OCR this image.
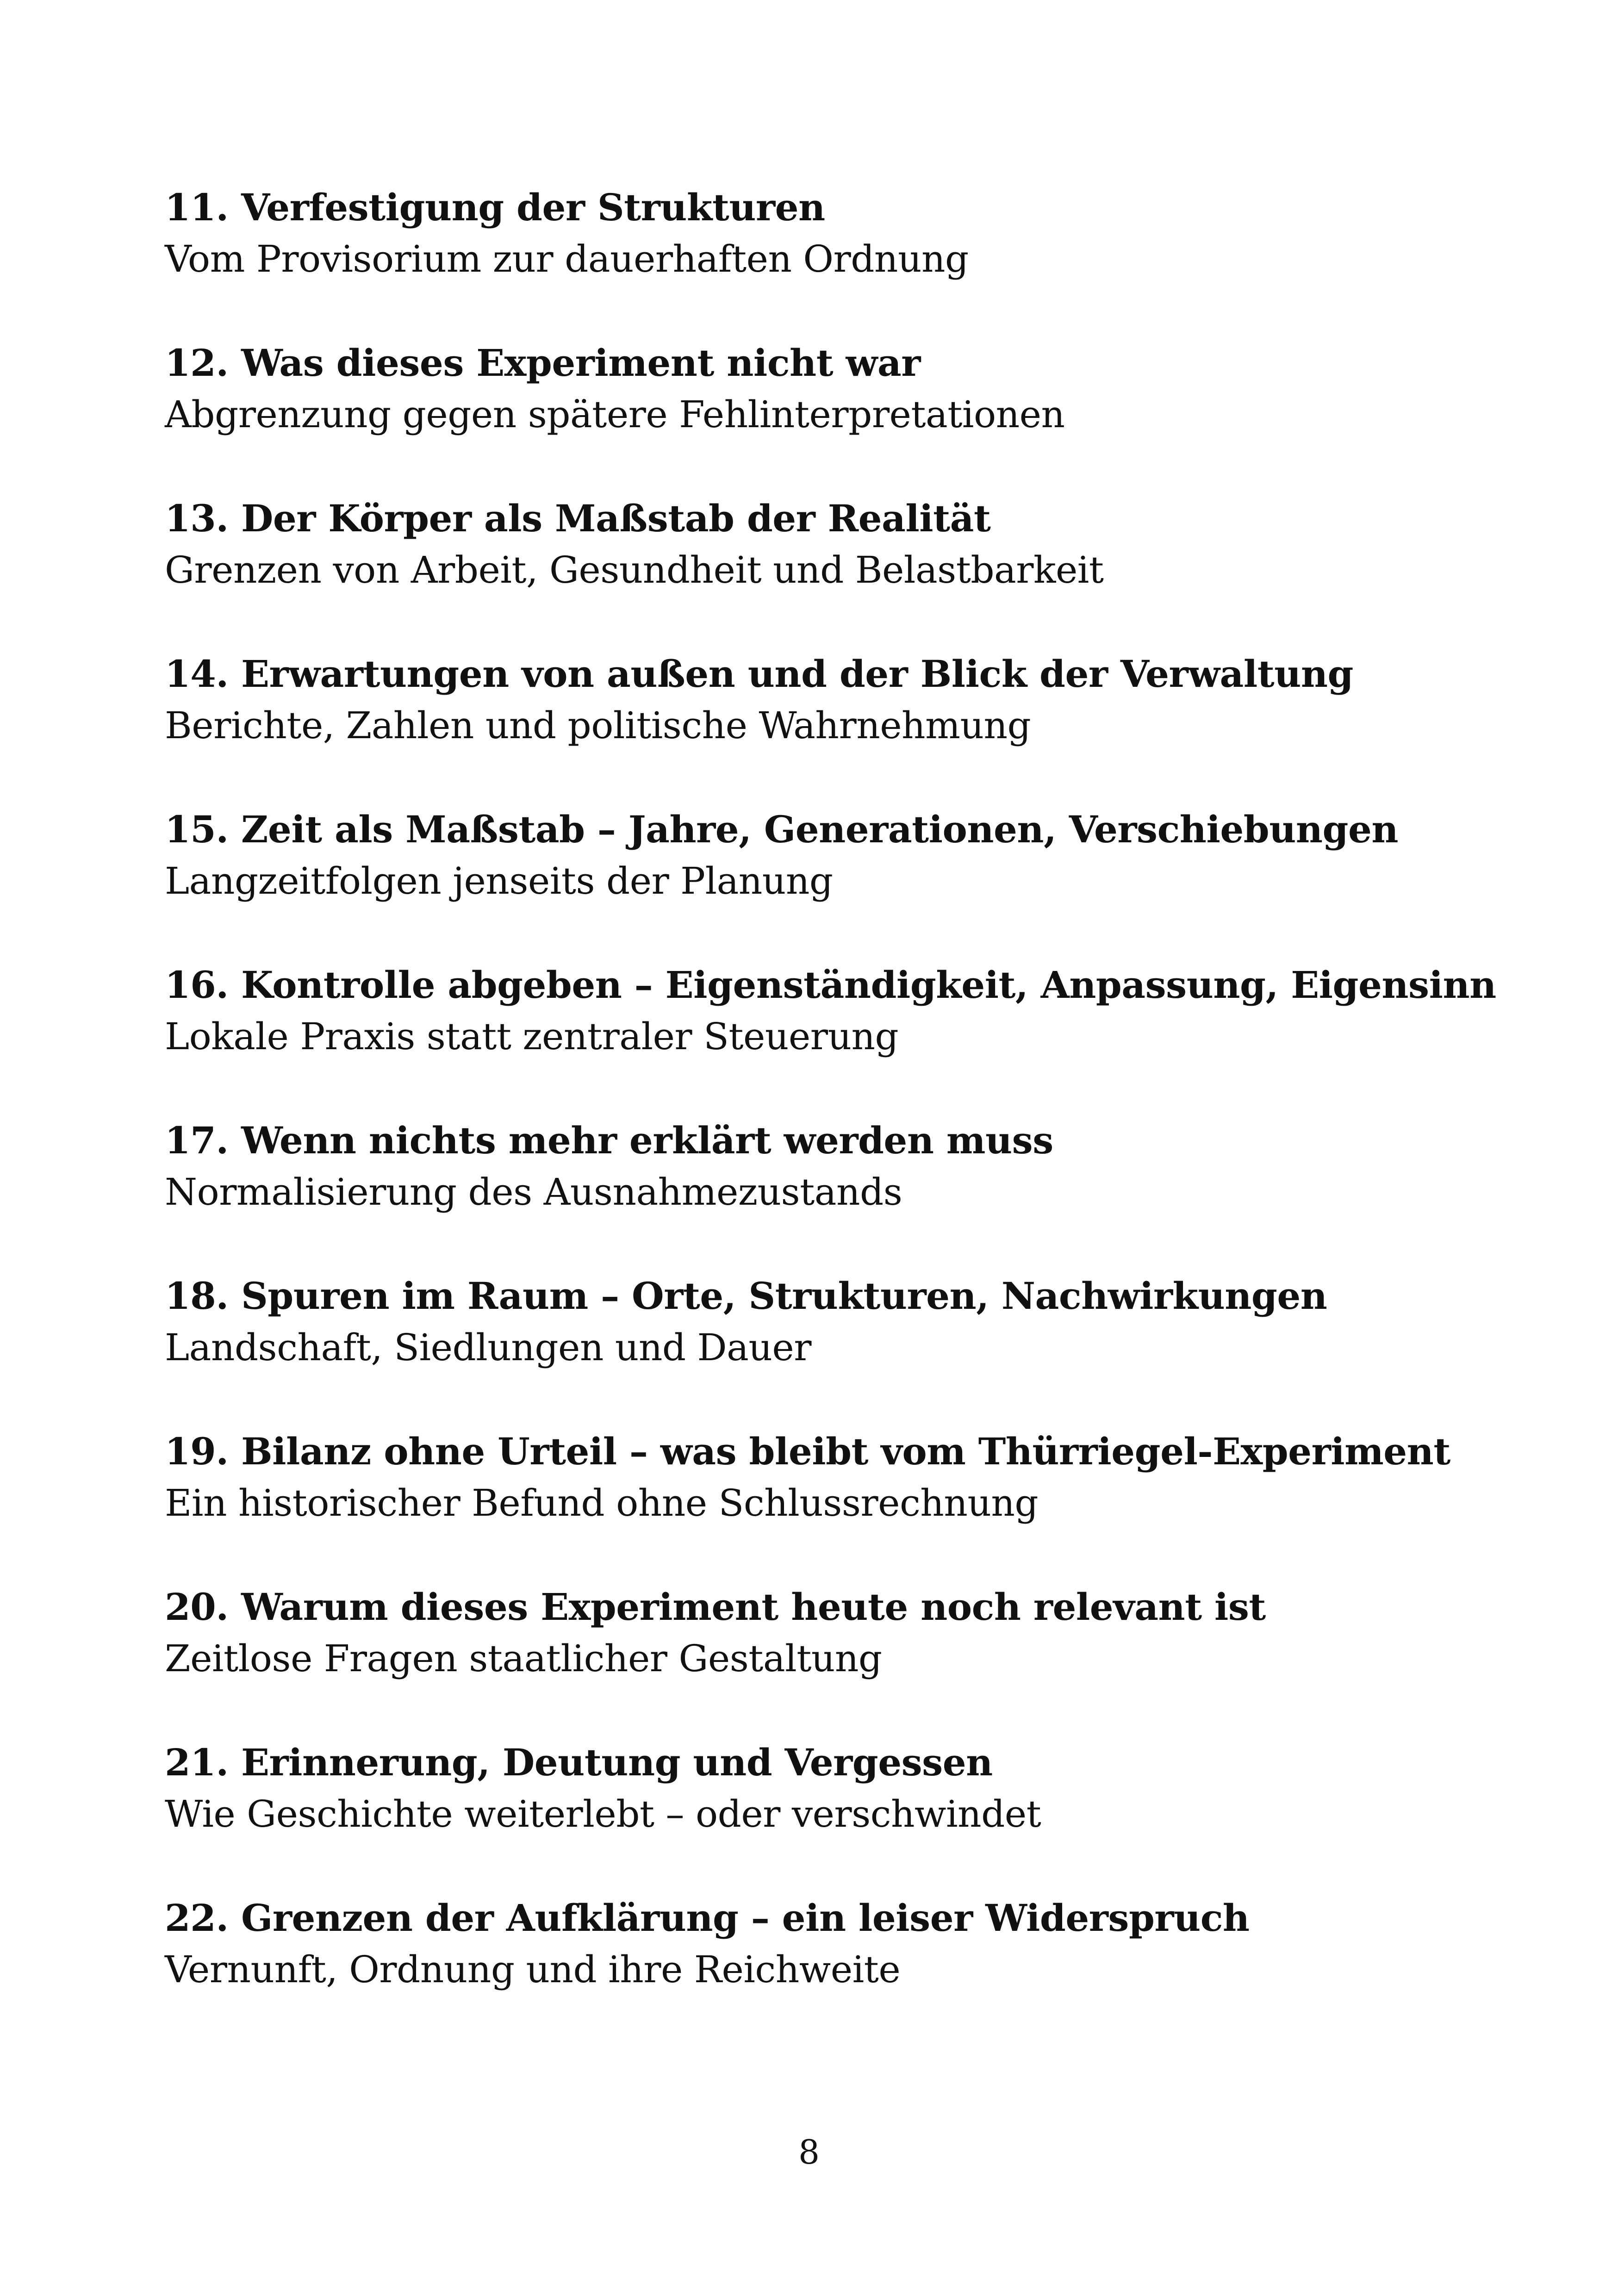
11. Verfestigung der Strukturen
Vom Provisorium zur dauerhaften Ordnung
12. Was dieses Experiment nicht war
Abgrenzung gegen spätere Fehlinterpretationen
13. Der Körper als Maßstab der Realität
Grenzen von Arbeit, Gesundheit und Belastbarkeit
14. Erwartungen von außen und der Blick der Verwaltung
Berichte, Zahlen und politische Wahrnehmung
15. Zeit als Maßstab – Jahre, Generationen, Verschiebungen
Langzeitfolgen jenseits der Planung
16. Kontrolle abgeben – Eigenständigkeit, Anpassung, Eigensinn
Lokale Praxis statt zentraler Steuerung
17. Wenn nichts mehr erklärt werden muss
Normalisierung des Ausnahmezustands
18. Spuren im Raum – Orte, Strukturen, Nachwirkungen
Landschaft, Siedlungen und Dauer
19. Bilanz ohne Urteil – was bleibt vom Thürriegel-Experiment
Ein historischer Befund ohne Schlussrechnung
20. Warum dieses Experiment heute noch relevant ist
Zeitlose Fragen staatlicher Gestaltung
21. Erinnerung, Deutung und Vergessen
Wie Geschichte weiterlebt – oder verschwindet
22. Grenzen der Aufklärung – ein leiser Widerspruch
Vernunft, Ordnung und ihre Reichweite
8
